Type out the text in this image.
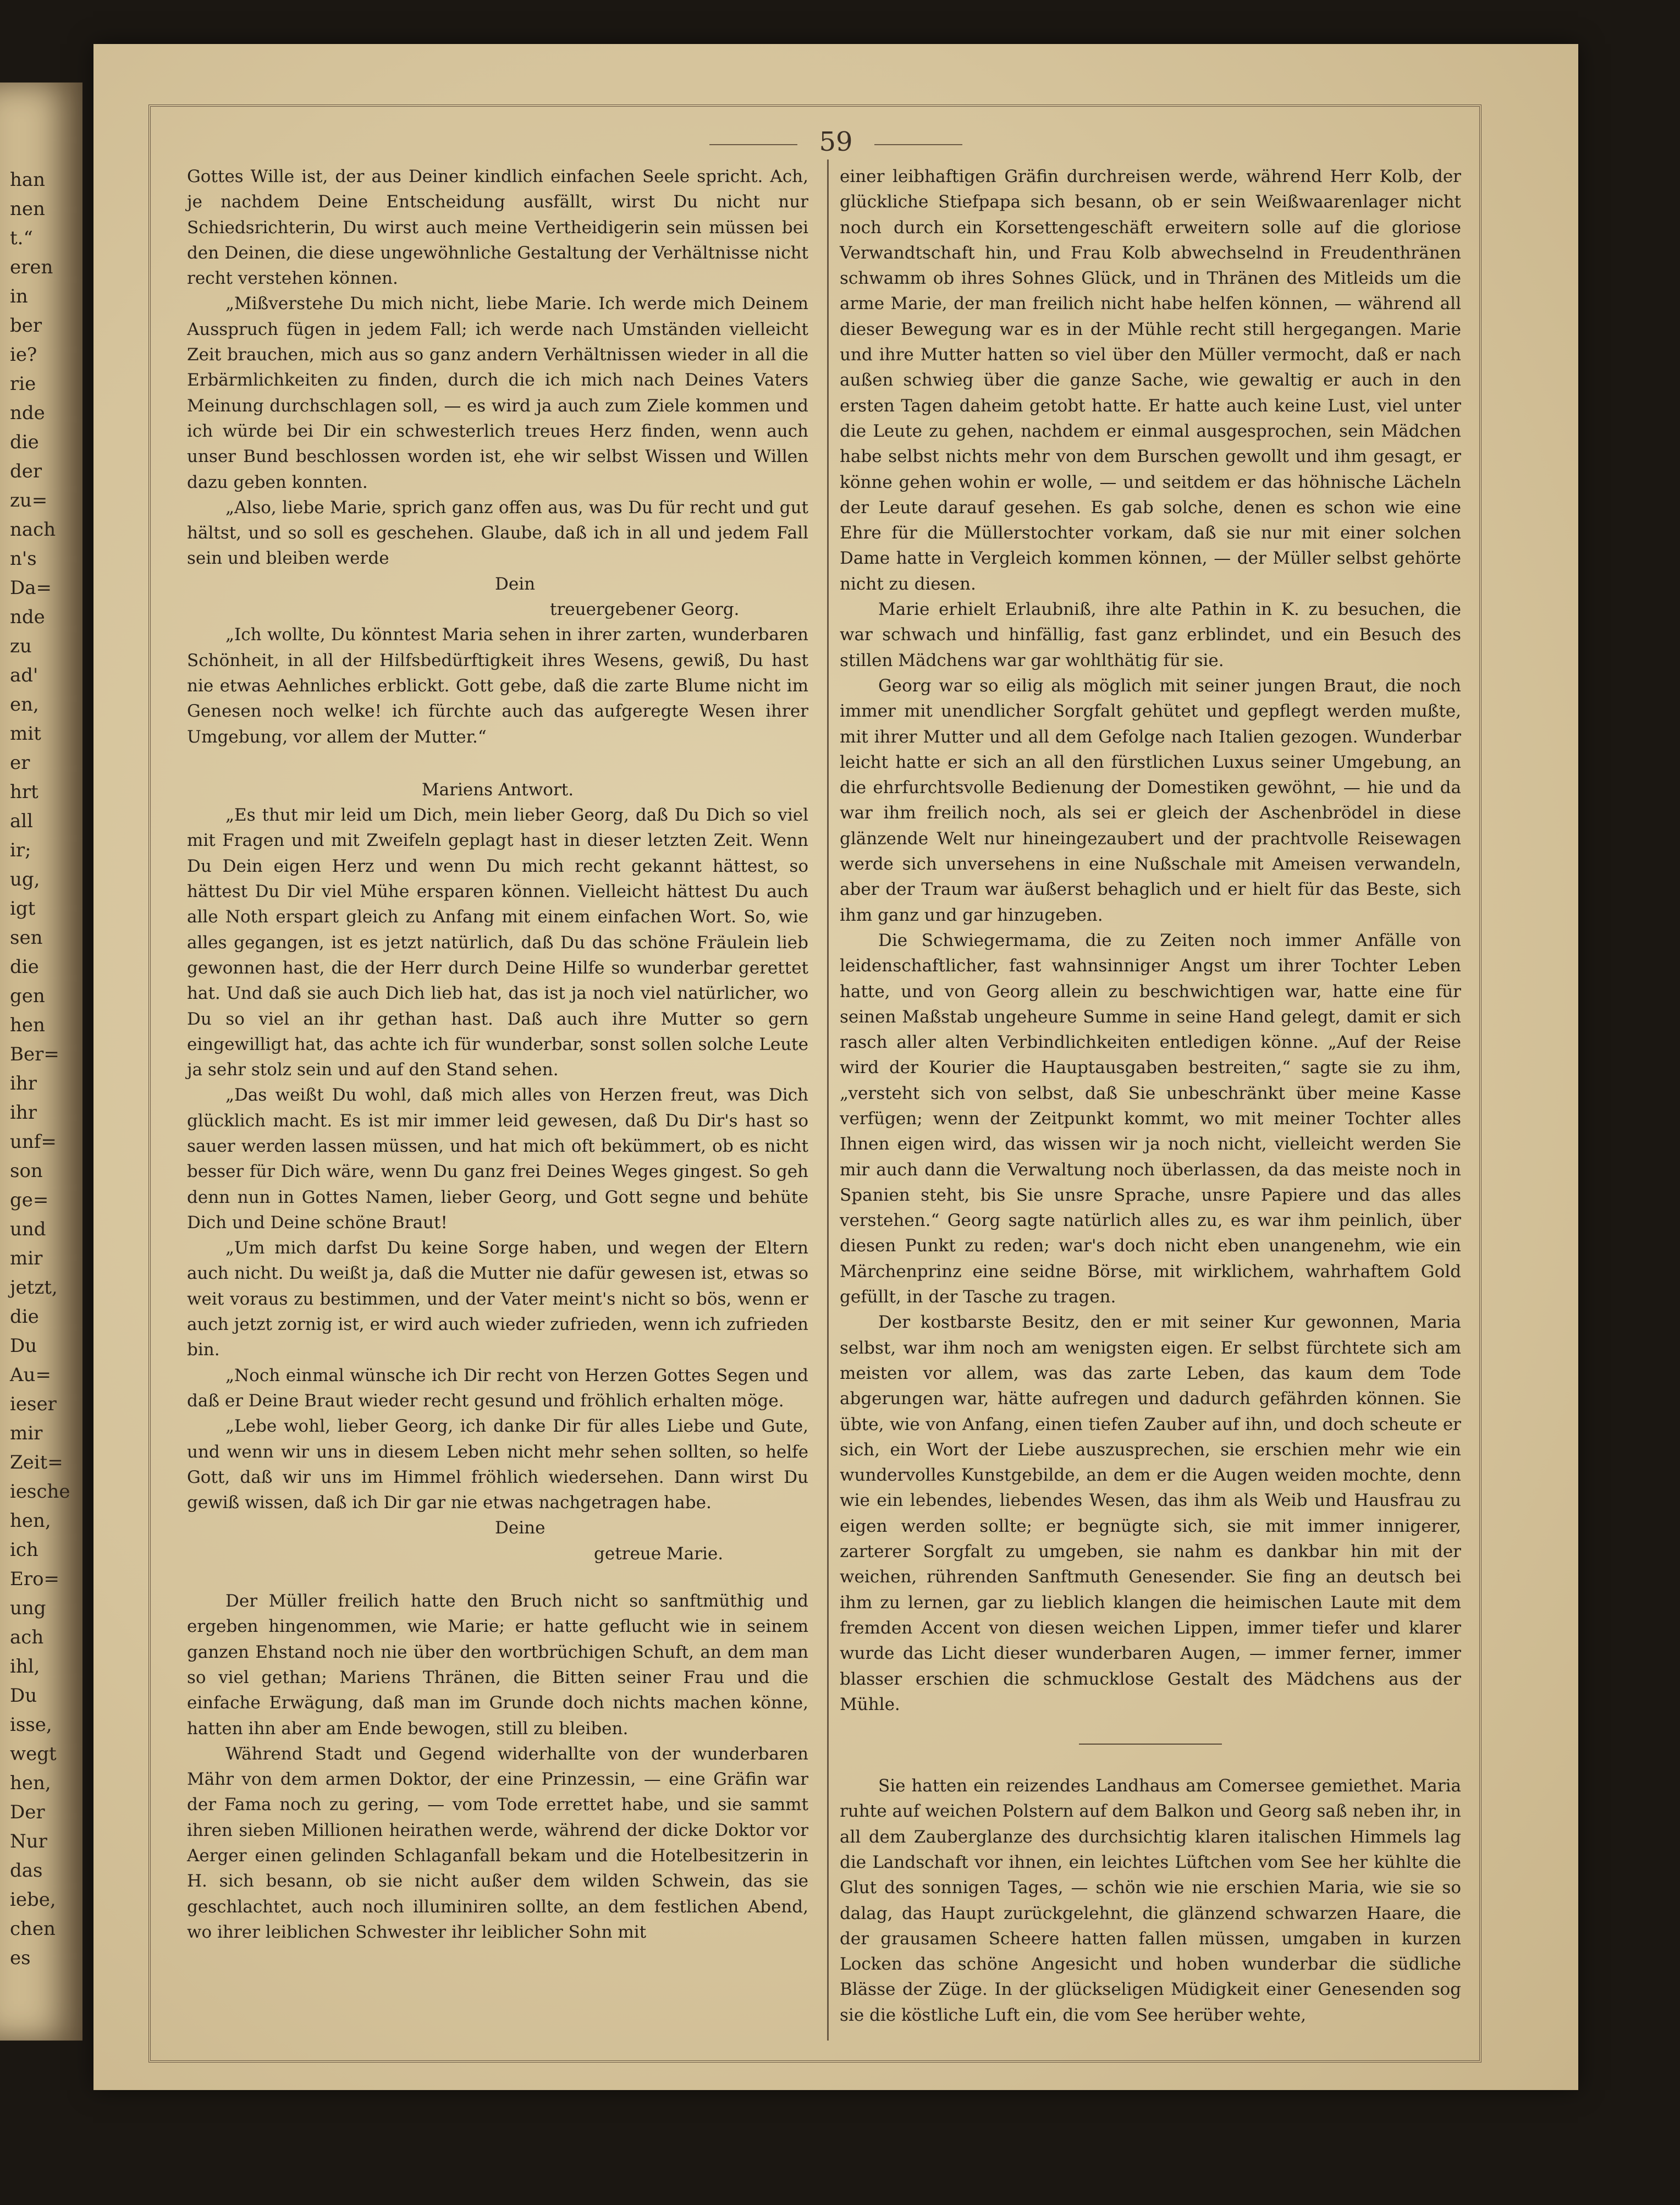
han
nen
t.“
eren
in
ber
ie?
rie
nde
die
der
zu=
nach
n's
Da=
nde
zu
ad'
en,
mit
er
hrt
all
ir;
ug,
igt
sen
die
gen
hen
Ber=
ihr
ihr
unf=
son
ge=
und
mir
jetzt,
die
Du
Au=
ieser
mir
Zeit=
iesche
hen,
ich
Ero=
ung
ach
ihl,
Du
isse,
wegt
hen,
Der
Nur
das
iebe,
chen
es
59

Gottes Wille ist, der aus Deiner kindlich einfachen Seele spricht. Ach, je nachdem Deine Entscheidung ausfällt, wirst Du nicht nur Schiedsrichterin, Du wirst auch meine Vertheidigerin sein müssen bei den Deinen, die diese ungewöhnliche Gestaltung der Verhältnisse nicht recht verstehen können.

„Mißverstehe Du mich nicht, liebe Marie. Ich werde mich Deinem Ausspruch fügen in jedem Fall; ich werde nach Umständen vielleicht Zeit brauchen, mich aus so ganz andern Verhältnissen wieder in all die Erbärmlichkeiten zu finden, durch die ich mich nach Deines Vaters Meinung durchschlagen soll, — es wird ja auch zum Ziele kommen und ich würde bei Dir ein schwesterlich treues Herz finden, wenn auch unser Bund beschlossen worden ist, ehe wir selbst Wissen und Willen dazu geben konnten.

„Also, liebe Marie, sprich ganz offen aus, was Du für recht und gut hältst, und so soll es geschehen. Glaube, daß ich in all und jedem Fall sein und bleiben werde

Dein

treuergebener Georg.

„Ich wollte, Du könntest Maria sehen in ihrer zarten, wunderbaren Schönheit, in all der Hilfsbedürftigkeit ihres Wesens, gewiß, Du hast nie etwas Aehnliches erblickt. Gott gebe, daß die zarte Blume nicht im Genesen noch welke! ich fürchte auch das aufgeregte Wesen ihrer Umgebung, vor allem der Mutter.“

Mariens Antwort.

„Es thut mir leid um Dich, mein lieber Georg, daß Du Dich so viel mit Fragen und mit Zweifeln geplagt hast in dieser letzten Zeit. Wenn Du Dein eigen Herz und wenn Du mich recht gekannt hättest, so hättest Du Dir viel Mühe ersparen können. Vielleicht hättest Du auch alle Noth erspart gleich zu Anfang mit einem einfachen Wort. So, wie alles gegangen, ist es jetzt natürlich, daß Du das schöne Fräulein lieb gewonnen hast, die der Herr durch Deine Hilfe so wunderbar gerettet hat. Und daß sie auch Dich lieb hat, das ist ja noch viel natürlicher, wo Du so viel an ihr gethan hast. Daß auch ihre Mutter so gern eingewilligt hat, das achte ich für wunderbar, sonst sollen solche Leute ja sehr stolz sein und auf den Stand sehen.

„Das weißt Du wohl, daß mich alles von Herzen freut, was Dich glücklich macht. Es ist mir immer leid gewesen, daß Du Dir's hast so sauer werden lassen müssen, und hat mich oft bekümmert, ob es nicht besser für Dich wäre, wenn Du ganz frei Deines Weges gingest. So geh denn nun in Gottes Namen, lieber Georg, und Gott segne und behüte Dich und Deine schöne Braut!

„Um mich darfst Du keine Sorge haben, und wegen der Eltern auch nicht. Du weißt ja, daß die Mutter nie dafür gewesen ist, etwas so weit voraus zu bestimmen, und der Vater meint's nicht so bös, wenn er auch jetzt zornig ist, er wird auch wieder zufrieden, wenn ich zufrieden bin.

„Noch einmal wünsche ich Dir recht von Herzen Gottes Segen und daß er Deine Braut wieder recht gesund und fröhlich erhalten möge.

„Lebe wohl, lieber Georg, ich danke Dir für alles Liebe und Gute, und wenn wir uns in diesem Leben nicht mehr sehen sollten, so helfe Gott, daß wir uns im Himmel fröhlich wiedersehen. Dann wirst Du gewiß wissen, daß ich Dir gar nie etwas nachgetragen habe.

Deine

getreue Marie.

Der Müller freilich hatte den Bruch nicht so sanftmüthig und ergeben hingenommen, wie Marie; er hatte geflucht wie in seinem ganzen Ehstand noch nie über den wortbrüchigen Schuft, an dem man so viel gethan; Mariens Thränen, die Bitten seiner Frau und die einfache Erwägung, daß man im Grunde doch nichts machen könne, hatten ihn aber am Ende bewogen, still zu bleiben.

Während Stadt und Gegend widerhallte von der wunderbaren Mähr von dem armen Doktor, der eine Prinzessin, — eine Gräfin war der Fama noch zu gering, — vom Tode errettet habe, und sie sammt ihren sieben Millionen heirathen werde, während der dicke Doktor vor Aerger einen gelinden Schlaganfall bekam und die Hotelbesitzerin in H. sich besann, ob sie nicht außer dem wilden Schwein, das sie geschlachtet, auch noch illuminiren sollte, an dem festlichen Abend, wo ihrer leiblichen Schwester ihr leiblicher Sohn mit

einer leibhaftigen Gräfin durchreisen werde, während Herr Kolb, der glückliche Stiefpapa sich besann, ob er sein Weißwaarenlager nicht noch durch ein Korsettengeschäft erweitern solle auf die gloriose Verwandtschaft hin, und Frau Kolb abwechselnd in Freudenthränen schwamm ob ihres Sohnes Glück, und in Thränen des Mitleids um die arme Marie, der man freilich nicht habe helfen können, — während all dieser Bewegung war es in der Mühle recht still hergegangen. Marie und ihre Mutter hatten so viel über den Müller vermocht, daß er nach außen schwieg über die ganze Sache, wie gewaltig er auch in den ersten Tagen daheim getobt hatte. Er hatte auch keine Lust, viel unter die Leute zu gehen, nachdem er einmal ausgesprochen, sein Mädchen habe selbst nichts mehr von dem Burschen gewollt und ihm gesagt, er könne gehen wohin er wolle, — und seitdem er das höhnische Lächeln der Leute darauf gesehen. Es gab solche, denen es schon wie eine Ehre für die Müllerstochter vorkam, daß sie nur mit einer solchen Dame hatte in Vergleich kommen können, — der Müller selbst gehörte nicht zu diesen.

Marie erhielt Erlaubniß, ihre alte Pathin in K. zu besuchen, die war schwach und hinfällig, fast ganz erblindet, und ein Besuch des stillen Mädchens war gar wohlthätig für sie.

Georg war so eilig als möglich mit seiner jungen Braut, die noch immer mit unendlicher Sorgfalt gehütet und gepflegt werden mußte, mit ihrer Mutter und all dem Gefolge nach Italien gezogen. Wunderbar leicht hatte er sich an all den fürstlichen Luxus seiner Umgebung, an die ehrfurchtsvolle Bedienung der Domestiken gewöhnt, — hie und da war ihm freilich noch, als sei er gleich der Aschenbrödel in diese glänzende Welt nur hineingezaubert und der prachtvolle Reisewagen werde sich unversehens in eine Nußschale mit Ameisen verwandeln, aber der Traum war äußerst behaglich und er hielt für das Beste, sich ihm ganz und gar hinzugeben.

Die Schwiegermama, die zu Zeiten noch immer Anfälle von leidenschaftlicher, fast wahnsinniger Angst um ihrer Tochter Leben hatte, und von Georg allein zu beschwichtigen war, hatte eine für seinen Maßstab ungeheure Summe in seine Hand gelegt, damit er sich rasch aller alten Verbindlichkeiten entledigen könne. „Auf der Reise wird der Kourier die Hauptausgaben bestreiten,“ sagte sie zu ihm, „versteht sich von selbst, daß Sie unbeschränkt über meine Kasse verfügen; wenn der Zeitpunkt kommt, wo mit meiner Tochter alles Ihnen eigen wird, das wissen wir ja noch nicht, vielleicht werden Sie mir auch dann die Verwaltung noch überlassen, da das meiste noch in Spanien steht, bis Sie unsre Sprache, unsre Papiere und das alles verstehen.“ Georg sagte natürlich alles zu, es war ihm peinlich, über diesen Punkt zu reden; war's doch nicht eben unangenehm, wie ein Märchenprinz eine seidne Börse, mit wirklichem, wahrhaftem Gold gefüllt, in der Tasche zu tragen.

Der kostbarste Besitz, den er mit seiner Kur gewonnen, Maria selbst, war ihm noch am wenigsten eigen. Er selbst fürchtete sich am meisten vor allem, was das zarte Leben, das kaum dem Tode abgerungen war, hätte aufregen und dadurch gefährden können. Sie übte, wie von Anfang, einen tiefen Zauber auf ihn, und doch scheute er sich, ein Wort der Liebe auszusprechen, sie erschien mehr wie ein wundervolles Kunstgebilde, an dem er die Augen weiden mochte, denn wie ein lebendes, liebendes Wesen, das ihm als Weib und Hausfrau zu eigen werden sollte; er begnügte sich, sie mit immer innigerer, zarterer Sorgfalt zu umgeben, sie nahm es dankbar hin mit der weichen, rührenden Sanftmuth Genesender. Sie fing an deutsch bei ihm zu lernen, gar zu lieblich klangen die heimischen Laute mit dem fremden Accent von diesen weichen Lippen, immer tiefer und klarer wurde das Licht dieser wunderbaren Augen, — immer ferner, immer blasser erschien die schmucklose Gestalt des Mädchens aus der Mühle.

Sie hatten ein reizendes Landhaus am Comersee gemiethet. Maria ruhte auf weichen Polstern auf dem Balkon und Georg saß neben ihr, in all dem Zauberglanze des durchsichtig klaren italischen Himmels lag die Landschaft vor ihnen, ein leichtes Lüftchen vom See her kühlte die Glut des sonnigen Tages, — schön wie nie erschien Maria, wie sie so dalag, das Haupt zurückgelehnt, die glänzend schwarzen Haare, die der grausamen Scheere hatten fallen müssen, umgaben in kurzen Locken das schöne Angesicht und hoben wunderbar die südliche Blässe der Züge. In der glückseligen Müdigkeit einer Genesenden sog sie die köstliche Luft ein, die vom See herüber wehte,
